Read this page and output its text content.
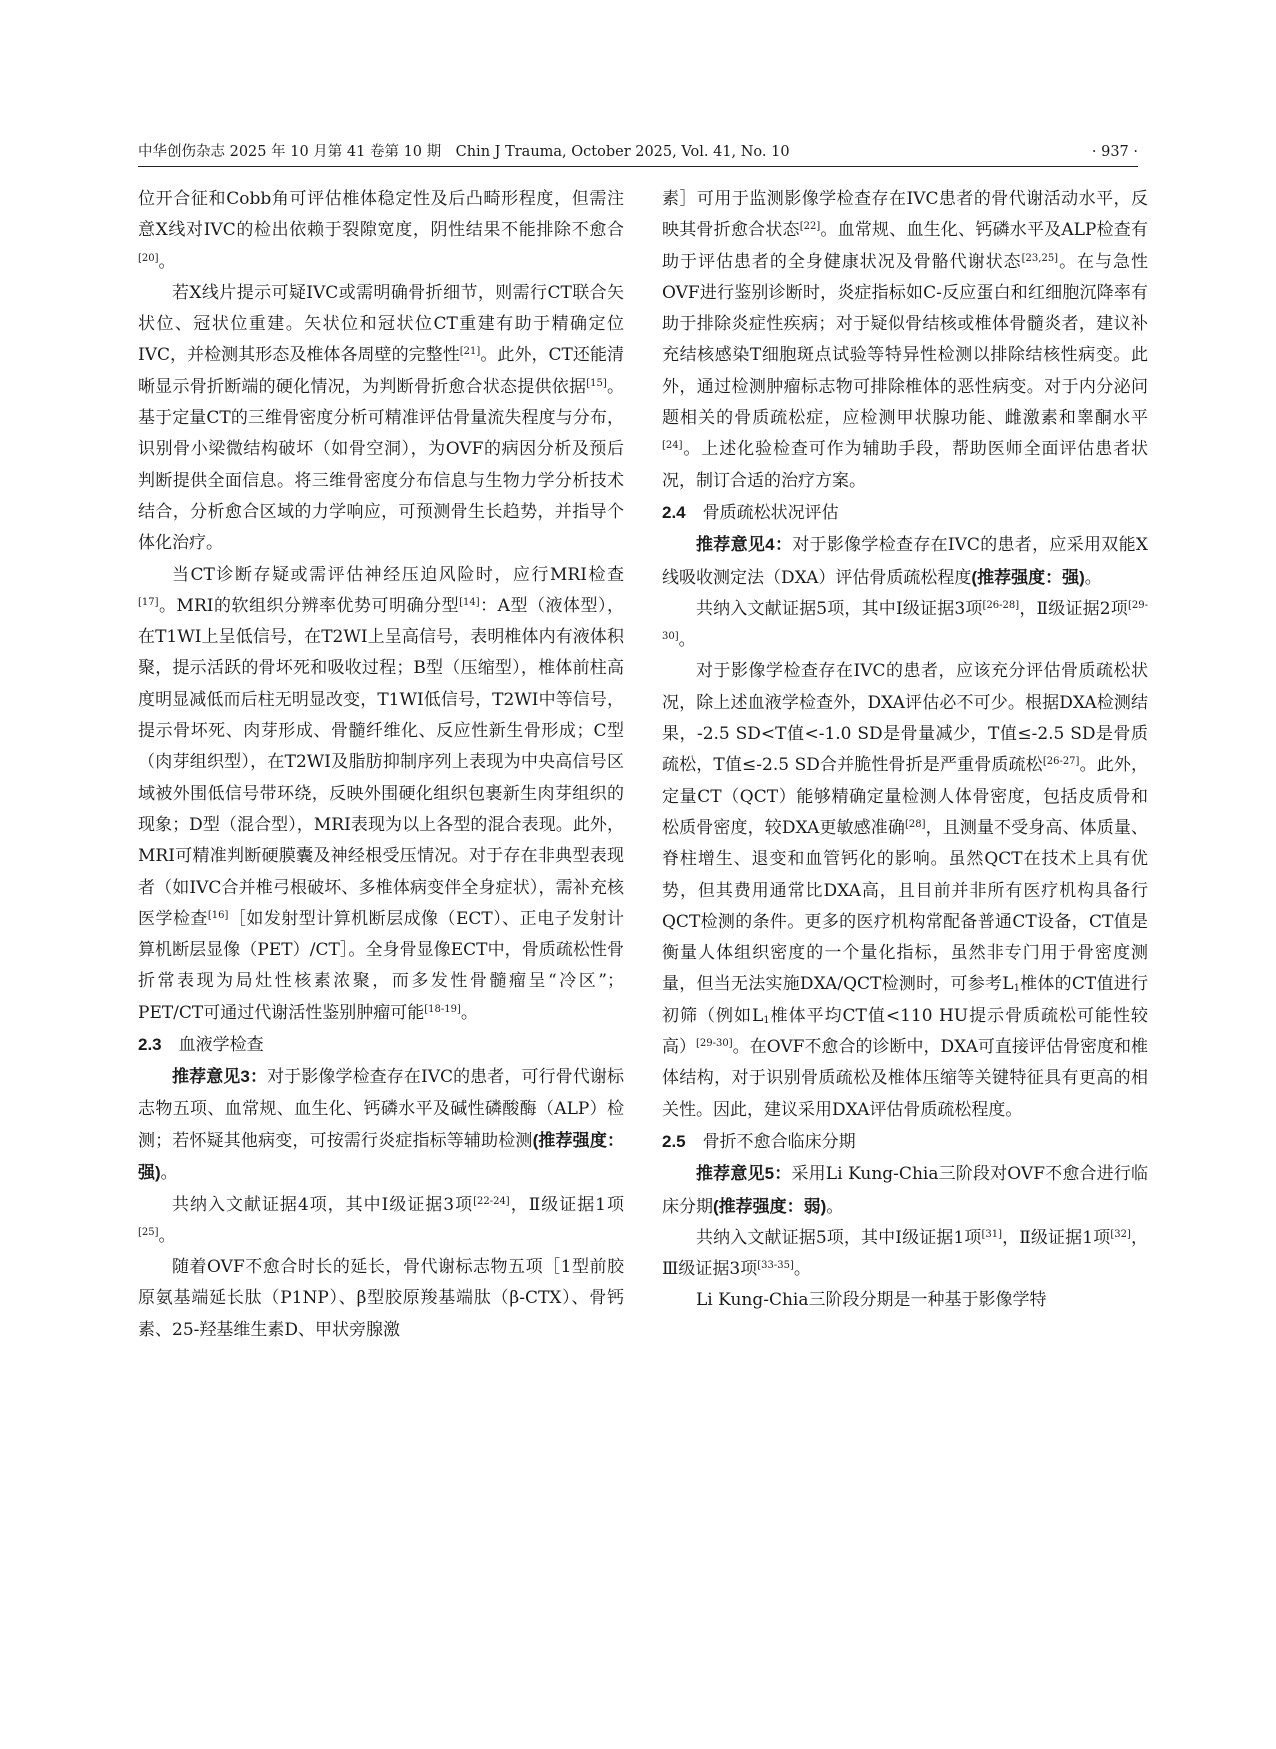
中华创伤杂志 2025 年 10 月第 41 卷第 10 期　Chin J Trauma, October 2025, Vol. 41, No. 10	· 937 ·

位开合征和Cobb角可评估椎体稳定性及后凸畸形程度，但需注意X线对IVC的检出依赖于裂隙宽度，阴性结果不能排除不愈合[20]。

若X线片提示可疑IVC或需明确骨折细节，则需行CT联合矢状位、冠状位重建。矢状位和冠状位CT重建有助于精确定位IVC，并检测其形态及椎体各周壁的完整性[21]。此外，CT还能清晰显示骨折断端的硬化情况，为判断骨折愈合状态提供依据[15]。基于定量CT的三维骨密度分析可精准评估骨量流失程度与分布，识别骨小梁微结构破坏（如骨空洞），为OVF的病因分析及预后判断提供全面信息。将三维骨密度分布信息与生物力学分析技术结合，分析愈合区域的力学响应，可预测骨生长趋势，并指导个体化治疗。

当CT诊断存疑或需评估神经压迫风险时，应行MRI检查[17]。MRI的软组织分辨率优势可明确分型[14]：A型（液体型），在T1WI上呈低信号，在T2WI上呈高信号，表明椎体内有液体积聚，提示活跃的骨坏死和吸收过程；B型（压缩型），椎体前柱高度明显减低而后柱无明显改变，T1WI低信号，T2WI中等信号，提示骨坏死、肉芽形成、骨髓纤维化、反应性新生骨形成；C型（肉芽组织型），在T2WI及脂肪抑制序列上表现为中央高信号区域被外围低信号带环绕，反映外围硬化组织包裹新生肉芽组织的现象；D型（混合型），MRI表现为以上各型的混合表现。此外，MRI可精准判断硬膜囊及神经根受压情况。对于存在非典型表现者（如IVC合并椎弓根破坏、多椎体病变伴全身症状），需补充核医学检查[16]［如发射型计算机断层成像（ECT）、正电子发射计算机断层显像（PET）/CT］。全身骨显像ECT中，骨质疏松性骨折常表现为局灶性核素浓聚，而多发性骨髓瘤呈“冷区”；PET/CT可通过代谢活性鉴别肿瘤可能[18-19]。

2.3 血液学检查

推荐意见3：对于影像学检查存在IVC的患者，可行骨代谢标志物五项、血常规、血生化、钙磷水平及碱性磷酸酶（ALP）检测；若怀疑其他病变，可按需行炎症指标等辅助检测(推荐强度：强)。

共纳入文献证据4项，其中Ⅰ级证据3项[22-24]，Ⅱ级证据1项[25]。

随着OVF不愈合时长的延长，骨代谢标志物五项［1型前胶原氨基端延长肽（P1NP）、β型胶原羧基端肽（β-CTX）、骨钙素、25-羟基维生素D、甲状旁腺激

素］可用于监测影像学检查存在IVC患者的骨代谢活动水平，反映其骨折愈合状态[22]。血常规、血生化、钙磷水平及ALP检查有助于评估患者的全身健康状况及骨骼代谢状态[23,25]。在与急性OVF进行鉴别诊断时，炎症指标如C-反应蛋白和红细胞沉降率有助于排除炎症性疾病；对于疑似骨结核或椎体骨髓炎者，建议补充结核感染T细胞斑点试验等特异性检测以排除结核性病变。此外，通过检测肿瘤标志物可排除椎体的恶性病变。对于内分泌问题相关的骨质疏松症，应检测甲状腺功能、雌激素和睾酮水平[24]。上述化验检查可作为辅助手段，帮助医师全面评估患者状况，制订合适的治疗方案。

2.4 骨质疏松状况评估

推荐意见4：对于影像学检查存在IVC的患者，应采用双能X线吸收测定法（DXA）评估骨质疏松程度(推荐强度：强)。

共纳入文献证据5项，其中Ⅰ级证据3项[26-28]，Ⅱ级证据2项[29-30]。

对于影像学检查存在IVC的患者，应该充分评估骨质疏松状况，除上述血液学检查外，DXA评估必不可少。根据DXA检测结果，-2.5 SD<T值<-1.0 SD是骨量减少，T值≤-2.5 SD是骨质疏松，T值≤-2.5 SD合并脆性骨折是严重骨质疏松[26-27]。此外，定量CT（QCT）能够精确定量检测人体骨密度，包括皮质骨和松质骨密度，较DXA更敏感准确[28]，且测量不受身高、体质量、脊柱增生、退变和血管钙化的影响。虽然QCT在技术上具有优势，但其费用通常比DXA高，且目前并非所有医疗机构具备行QCT检测的条件。更多的医疗机构常配备普通CT设备，CT值是衡量人体组织密度的一个量化指标，虽然非专门用于骨密度测量，但当无法实施DXA/QCT检测时，可参考$L_1$椎体的CT值进行初筛（例如$L_1$椎体平均CT值<110 HU提示骨质疏松可能性较高）[29-30]。在OVF不愈合的诊断中，DXA可直接评估骨密度和椎体结构，对于识别骨质疏松及椎体压缩等关键特征具有更高的相关性。因此，建议采用DXA评估骨质疏松程度。

2.5 骨折不愈合临床分期

推荐意见5：采用Li Kung-Chia三阶段对OVF不愈合进行临床分期(推荐强度：弱)。

共纳入文献证据5项，其中Ⅰ级证据1项[31]，Ⅱ级证据1项[32]，Ⅲ级证据3项[33-35]。

Li Kung-Chia三阶段分期是一种基于影像学特
